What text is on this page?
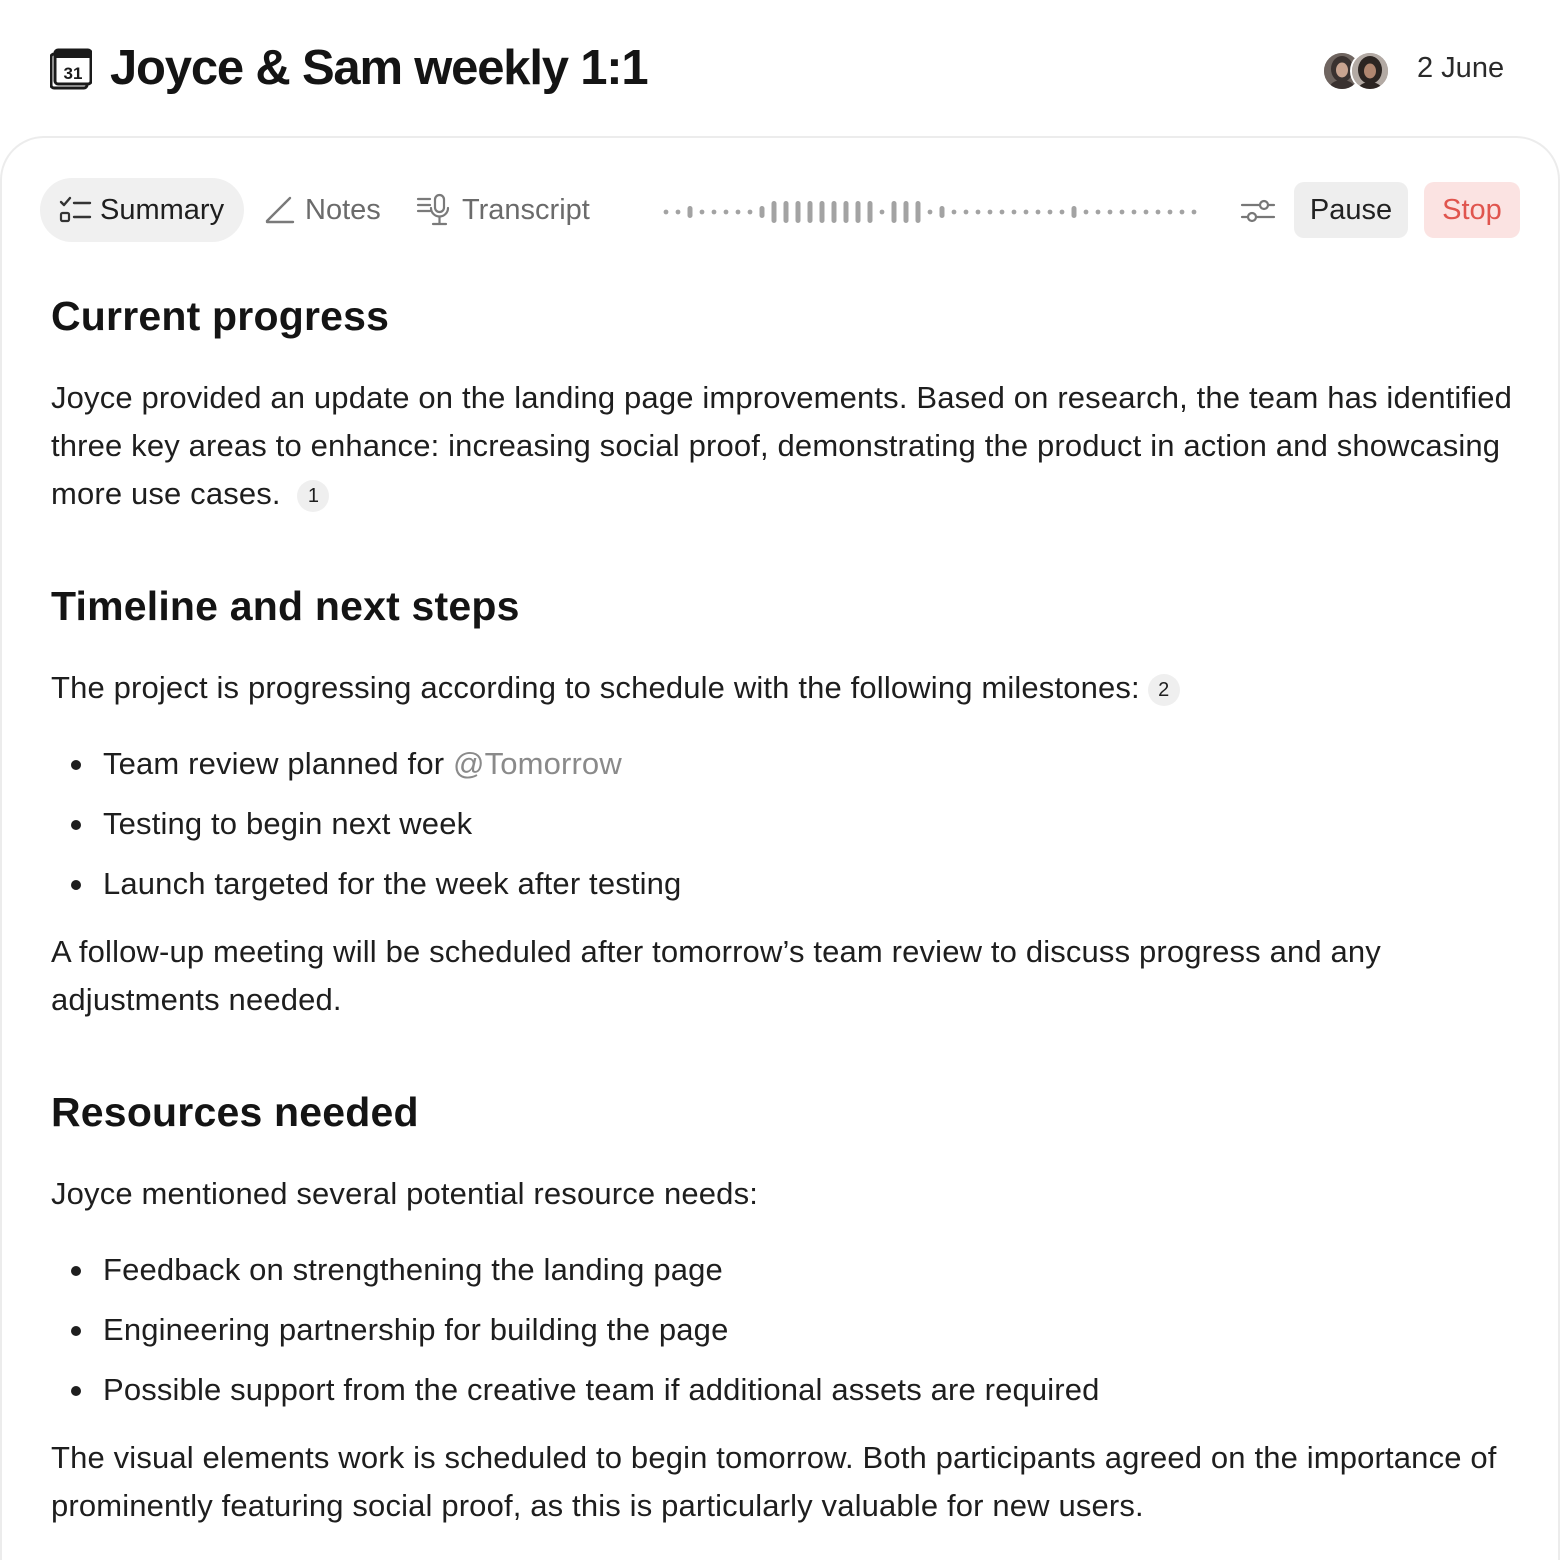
31 Joyce & Sam weekly 1:1	2 June
Summary	Notes	Transcript	Pause	Stop
Current progress

Joyce provided an update on the landing page improvements. Based on research, the team has identified three key areas to enhance: increasing social proof, demonstrating the product in action and showcasing more use cases. 1

Timeline and next steps

The project is progressing according to schedule with the following milestones: 2

Team review planned for @Tomorrow
Testing to begin next week
Launch targeted for the week after testing

A follow-up meeting will be scheduled after tomorrow’s team review to discuss progress and any adjustments needed.

Resources needed

Joyce mentioned several potential resource needs:

Feedback on strengthening the landing page
Engineering partnership for building the page
Possible support from the creative team if additional assets are required

The visual elements work is scheduled to begin tomorrow. Both participants agreed on the importance of prominently featuring social proof, as this is particularly valuable for new users.
